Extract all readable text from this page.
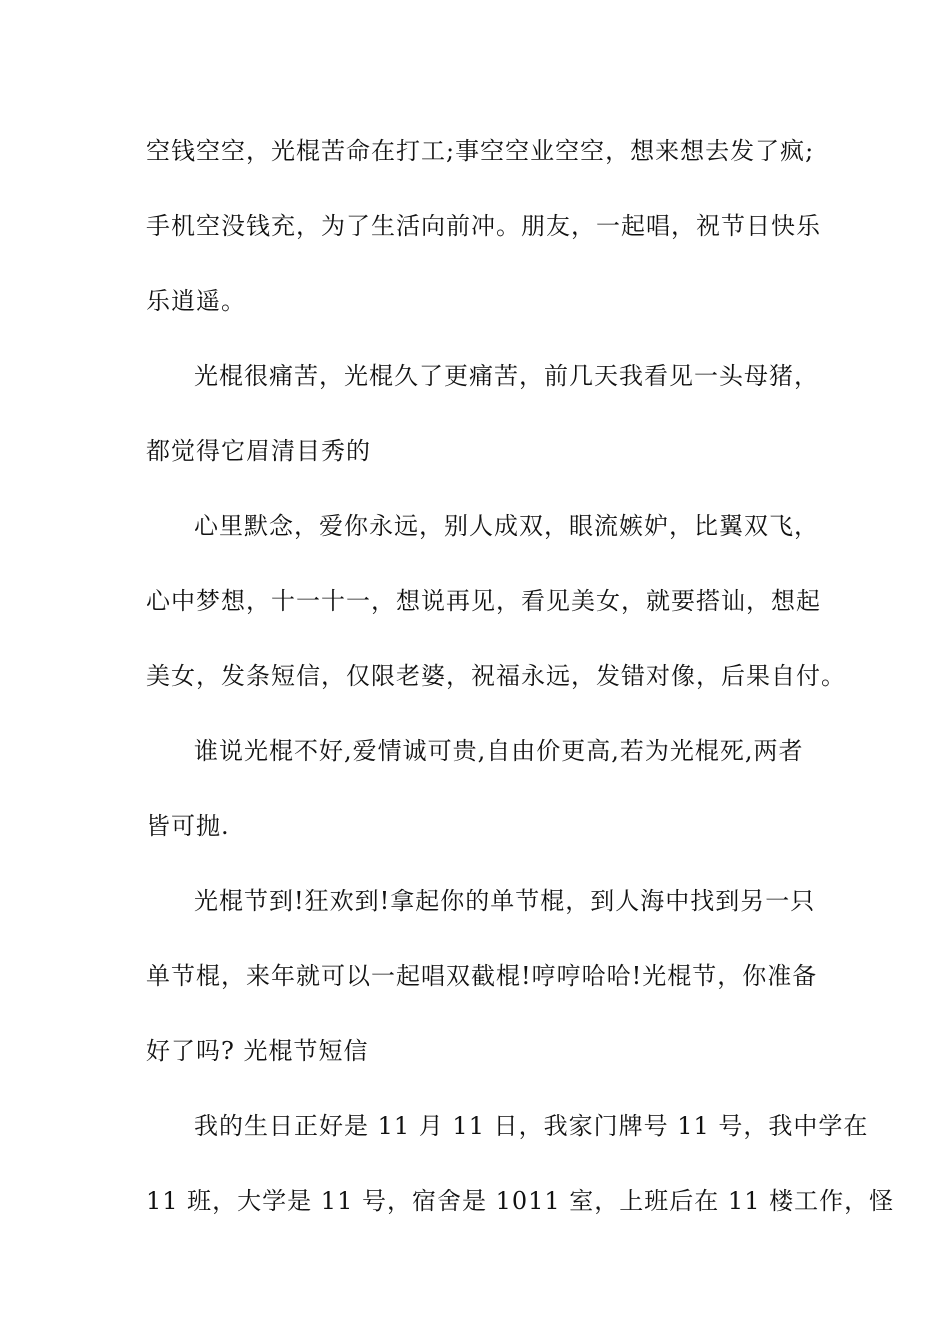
空钱空空，光棍苦命在打工;事空空业空空，想来想去发了疯;
手机空没钱充，为了生活向前冲。朋友，一起唱，祝节日快乐
乐逍遥。
光棍很痛苦，光棍久了更痛苦，前几天我看见一头母猪，
都觉得它眉清目秀的
心里默念，爱你永远，别人成双，眼流嫉妒，比翼双飞，
心中梦想，十一十一，想说再见，看见美女，就要搭讪，想起
美女，发条短信，仅限老婆，祝福永远，发错对像，后果自付。
谁说光棍不好,爱情诚可贵,自由价更高,若为光棍死,两者
皆可抛.
光棍节到!狂欢到!拿起你的单节棍，到人海中找到另一只
单节棍，来年就可以一起唱双截棍!哼哼哈哈!光棍节，你准备
好了吗? 光棍节短信
我的生日正好是 11 月 11 日，我家门牌号 11 号，我中学在
11 班，大学是 11 号，宿舍是 1011 室，上班后在 11 楼工作，怪
